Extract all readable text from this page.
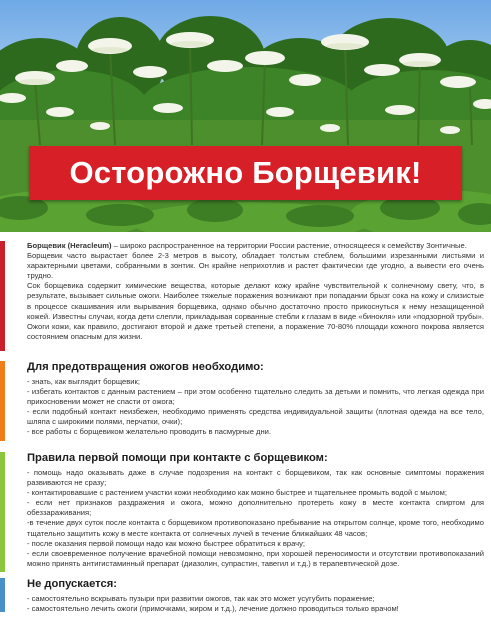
Осторожно Борщевик!

Борщевик (Heracleum) – широко распространенное на территории России растение, относящееся к семейству Зонтичные.

Борщевик часто вырастает более 2-3 метров в высоту, обладает толстым стеблем, большими изрезанными листьями и характерными цветами, собранными в зонтик. Он крайне неприхотлив и растет фактически где угодно, а вывести его очень трудно.

Сок борщевика содержит химические вещества, которые делают кожу крайне чувствительной к солнечному свету, что, в результате, вызывает сильные ожоги. Наиболее тяжелые поражения возникают при попадании брызг сока на кожу и слизистые в процессе скашивания или вырывания борщевика, однако обычно достаточно просто прикоснуться к нему незащищенной кожей. Известны случаи, когда дети слепли, прикладывая сорванные стебли к глазам в виде «бинокля» или «подзорной трубы». Ожоги кожи, как правило, достигают второй и даже третьей степени, а поражение 70-80% площади кожного покрова является состоянием опасным для жизни.

Для предотвращения ожогов необходимо:

- знать, как выглядит борщевик;

- избегать контактов с данным растением – при этом особенно тщательно следить за детьми и помнить, что легкая одежда при прикосновении может не спасти от ожога;

- если подобный контакт неизбежен, необходимо применять средства индивидуальной защиты (плотная одежда на все тело, шляпа с широкими полями, перчатки, очки);

- все работы с борщевиком желательно проводить в пасмурные дни.

Правила первой помощи при контакте с борщевиком:

- помощь надо оказывать даже в случае подозрения на контакт с борщевиком, так как основные симптомы поражения развиваются не сразу;

- контактировавшие с растением участки кожи необходимо как можно быстрее и тщательнее промыть водой с мылом;

- если нет признаков раздражения и ожога, можно дополнительно протереть кожу в месте контакта спиртом для обеззараживания;

-в течение двух суток после контакта с борщевиком противопоказано пребывание на открытом солнце, кроме того, необходимо тщательно защитить кожу в месте контакта от солнечных лучей в течение ближайших 48 часов;

- после оказания первой помощи надо как можно быстрее обратиться к врачу;

- если своевременное получение врачебной помощи невозможно, при хорошей переносимости и отсутствии противопоказаний можно принять антигистаминный препарат (диазолин, супрастин, тавегил и т.д.) в терапевтической дозе.

Не допускается:

- самостоятельно вскрывать пузыри при развитии ожогов, так как это может усугубить поражение;

- самостоятельно лечить ожоги (примочками, жиром и т.д.), лечение должно проводиться только врачом!
